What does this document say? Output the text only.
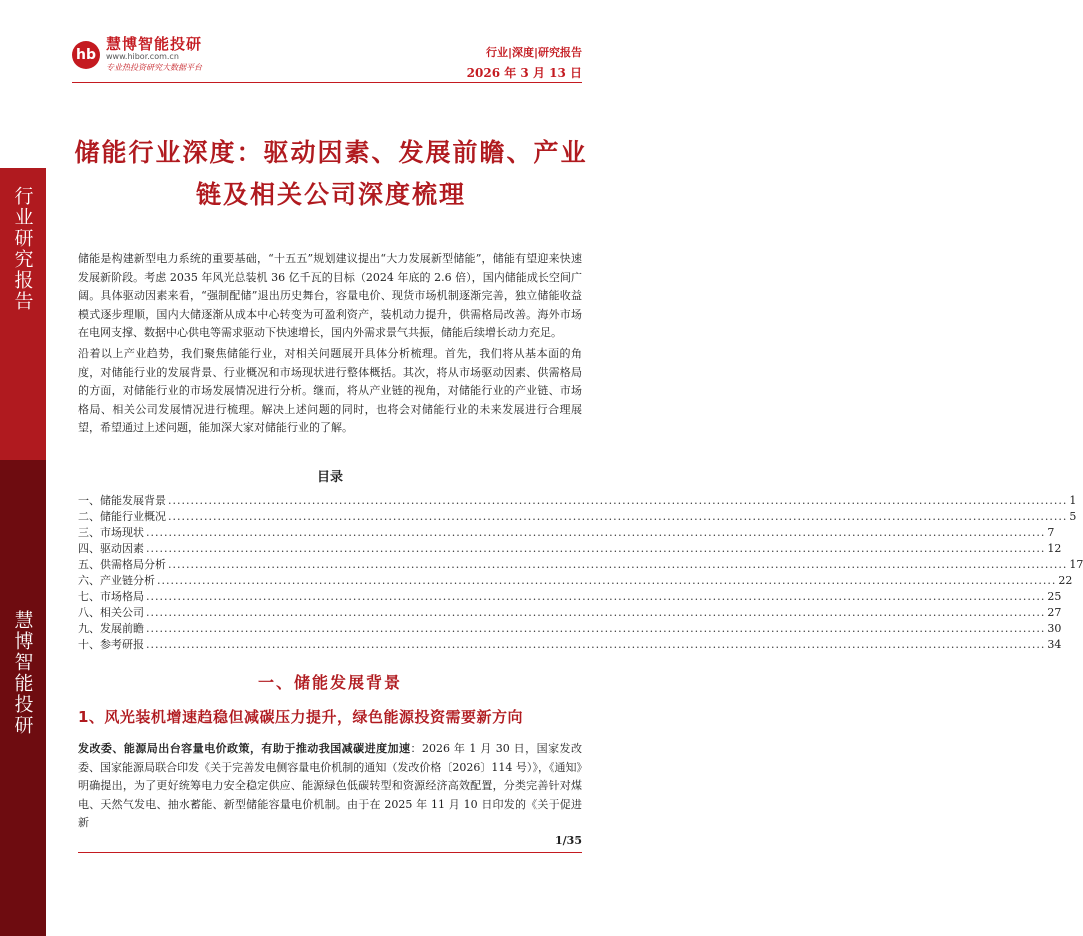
行业研究报告
慧博智能投研
hb
慧博智能投研
www.hibor.com.cn
专业热投资研究大数据平台
行业|深度|研究报告
2026 年 3 月 13 日
储能行业深度：驱动因素、发展前瞻、产业
链及相关公司深度梳理

储能是构建新型电力系统的重要基础，“十五五”规划建议提出“大力发展新型储能”，储能有望迎来快速发展新阶段。考虑 2035 年风光总装机 36 亿千瓦的目标（2024 年底的 2.6 倍），国内储能成长空间广阔。具体驱动因素来看，“强制配储”退出历史舞台，容量电价、现货市场机制逐渐完善，独立储能收益模式逐步理顺，国内大储逐渐从成本中心转变为可盈利资产，装机动力提升，供需格局改善。海外市场在电网支撑、数据中心供电等需求驱动下快速增长，国内外需求景气共振，储能后续增长动力充足。

沿着以上产业趋势，我们聚焦储能行业，对相关问题展开具体分析梳理。首先，我们将从基本面的角度，对储能行业的发展背景、行业概况和市场现状进行整体概括。其次，将从市场驱动因素、供需格局的方面，对储能行业的市场发展情况进行分析。继而，将从产业链的视角，对储能行业的产业链、市场格局、相关公司发展情况进行梳理。解决上述问题的同时，也将会对储能行业的未来发展进行合理展望，希望通过上述问题，能加深大家对储能行业的了解。

目录
一、储能发展背景 ........................................................................................................................................................................................................ 1
二、储能行业概况 ........................................................................................................................................................................................................ 5
三、市场现状 ........................................................................................................................................................................................................ 7
四、驱动因素 ........................................................................................................................................................................................................ 12
五、供需格局分析 ........................................................................................................................................................................................................ 17
六、产业链分析 ........................................................................................................................................................................................................ 22
七、市场格局 ........................................................................................................................................................................................................ 25
八、相关公司 ........................................................................................................................................................................................................ 27
九、发展前瞻 ........................................................................................................................................................................................................ 30
十、参考研报 ........................................................................................................................................................................................................ 34
一、储能发展背景
1、风光装机增速趋稳但减碳压力提升，绿色能源投资需要新方向

发改委、能源局出台容量电价政策，有助于推动我国减碳进度加速：2026 年 1 月 30 日，国家发改委、国家能源局联合印发《关于完善发电侧容量电价机制的通知（发改价格〔2026〕114 号）》，《通知》明确提出，为了更好统筹电力安全稳定供应、能源绿色低碳转型和资源经济高效配置，分类完善针对煤电、天然气发电、抽水蓄能、新型储能容量电价机制。由于在 2025 年 11 月 10 日印发的《关于促进新

1/35
